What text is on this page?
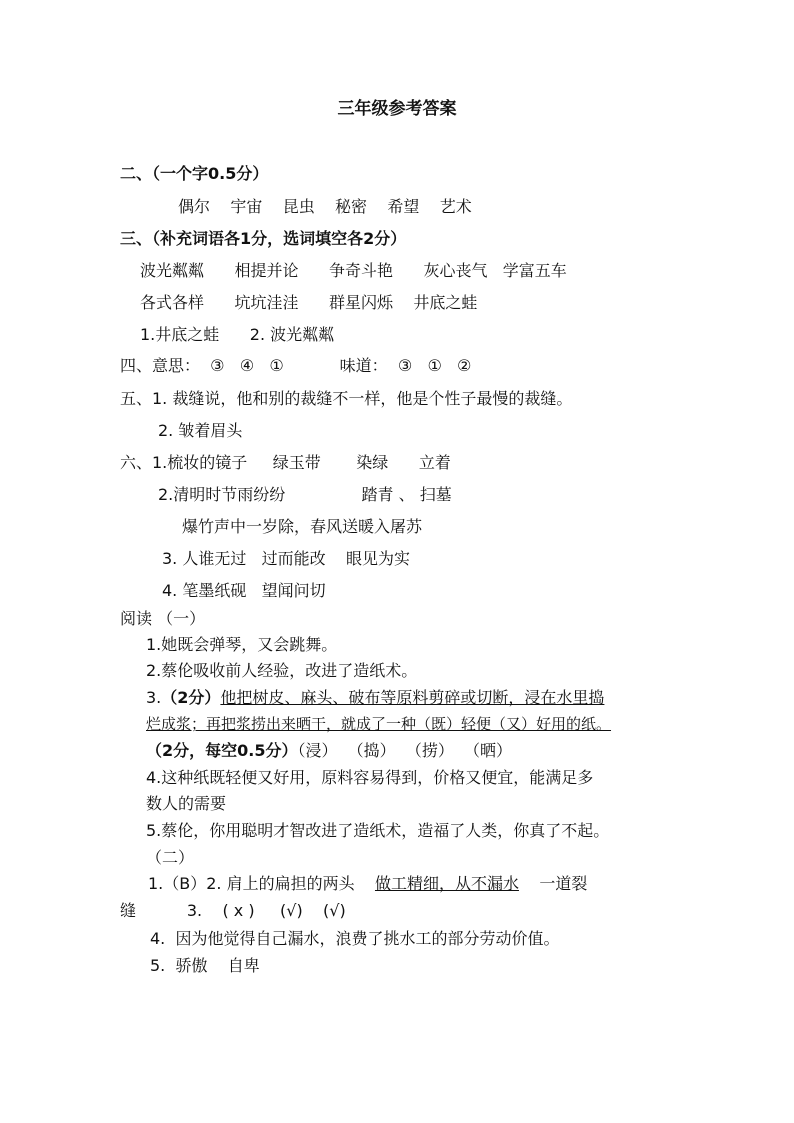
三年级参考答案
二、（一个字0.5分）
偶尔    宇宙    昆虫    秘密    希望    艺术
三、（补充词语各1分，选词填空各2分）
波光粼粼      相提并论      争奇斗艳      灰心丧气   学富五车
各式各样      坑坑洼洼      群星闪烁    井底之蛙
1.井底之蛙      2. 波光粼粼
四、意思：  ③   ④   ①           味道：  ③   ①   ②
五、1. 裁缝说，他和别的裁缝不一样，他是个性子最慢的裁缝。
2. 皱着眉头
六、1.梳妆的镜子     绿玉带       染绿      立着
2.清明时节雨纷纷               踏青 、 扫墓
爆竹声中一岁除，春风送暖入屠苏
3. 人谁无过   过而能改    眼见为实
4. 笔墨纸砚   望闻问切
阅读 （一）
1.她既会弹琴，又会跳舞。
2.蔡伦吸收前人经验，改进了造纸术。
3.（2分）他把树皮、麻头、破布等原料剪碎或切断，浸在水里捣
烂成浆；再把浆捞出来晒干，就成了一种（既）轻便（又）好用的纸。
（2分，每空0.5分）（浸）  （捣）  （捞）  （晒）
4.这种纸既轻便又好用，原料容易得到，价格又便宜，能满足多
数人的需要
5.蔡伦，你用聪明才智改进了造纸术，造福了人类，你真了不起。
（二）
1.（B）2. 肩上的扁担的两头    做工精细，从不漏水    一道裂
缝          3.    ( x )     (√)    (√)
4.  因为他觉得自己漏水，浪费了挑水工的部分劳动价值。
5.  骄傲    自卑
